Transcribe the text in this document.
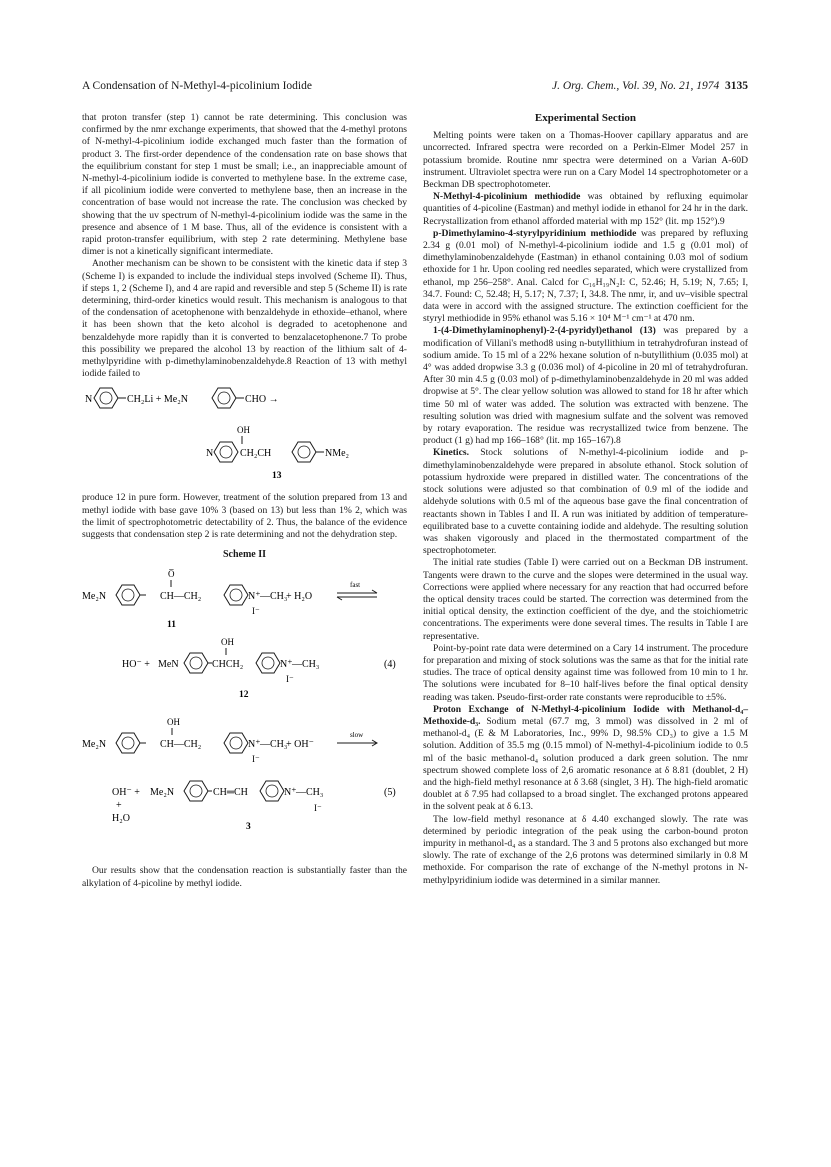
A Condensation of N-Methyl-4-picolinium Iodide	J. Org. Chem., Vol. 39, No. 21, 1974 3135

that proton transfer (step 1) cannot be rate determining. This conclusion was confirmed by the nmr exchange experiments, that showed that the 4-methyl protons of N-methyl-4-picolinium iodide exchanged much faster than the formation of product 3. The first-order dependence of the condensation rate on base shows that the equilibrium constant for step 1 must be small; i.e., an inappreciable amount of N-methyl-4-picolinium iodide is converted to methylene base. In the extreme case, if all picolinium iodide were converted to methylene base, then an increase in the concentration of base would not increase the rate. The conclusion was checked by showing that the uv spectrum of N-methyl-4-picolinium iodide was the same in the presence and absence of 1 M base. Thus, all of the evidence is consistent with a rapid proton-transfer equilibrium, with step 2 rate determining. Methylene base dimer is not a kinetically significant intermediate.

Another mechanism can be shown to be consistent with the kinetic data if step 3 (Scheme I) is expanded to include the individual steps involved (Scheme II). Thus, if steps 1, 2 (Scheme I), and 4 are rapid and reversible and step 5 (Scheme II) is rate determining, third-order kinetics would result. This mechanism is analogous to that of the condensation of acetophenone with benzaldehyde in ethoxide–ethanol, where it has been shown that the keto alcohol is degraded to acetophenone and benzaldehyde more rapidly than it is converted to benzalacetophenone.7 To probe this possibility we prepared the alcohol 13 by reaction of the lithium salt of 4-methylpyridine with p-dimethylaminobenzaldehyde.8 Reaction of 13 with methyl iodide failed to

N	CH₂Li + Me₂N	CHO →
OH
N	CH₂CH	NMe₂
13

produce 12 in pure form. However, treatment of the solution prepared from 13 and methyl iodide with base gave 10% 3 (based on 13) but less than 1% 2, which was the limit of spectrophotometric detectability of 2. Thus, the balance of the evidence suggests that condensation step 2 is rate determining and not the dehydration step.

Scheme II
O̅
Me₂N	CH—CH₂	N⁺ —CH₃
I⁻
+ H₂O
fast
11
OH
HO⁻ + MeN	CHCH₂	N⁺ —CH₃
I⁻
(4)
12
OH
Me₂N	CH—CH₂	N⁺ —CH₃
I⁻
+ OH⁻
slow
OH⁻ +
+
H₂O
Me₂N	CH═CH	N⁺ —CH₃
I⁻
(5)
3

Our results show that the condensation reaction is substantially faster than the alkylation of 4-picoline by methyl iodide.

Experimental Section

Melting points were taken on a Thomas-Hoover capillary apparatus and are uncorrected. Infrared spectra were recorded on a Perkin-Elmer Model 257 in potassium bromide. Routine nmr spectra were determined on a Varian A-60D instrument. Ultraviolet spectra were run on a Cary Model 14 spectrophotometer or a Beckman DB spectrophotometer.

N-Methyl-4-picolinium methiodide was obtained by refluxing equimolar quantities of 4-picoline (Eastman) and methyl iodide in ethanol for 24 hr in the dark. Recrystallization from ethanol afforded material with mp 152° (lit. mp 152°).9

p-Dimethylamino-4-styrylpyridinium methiodide was prepared by refluxing 2.34 g (0.01 mol) of N-methyl-4-picolinium iodide and 1.5 g (0.01 mol) of dimethylaminobenzaldehyde (Eastman) in ethanol containing 0.03 mol of sodium ethoxide for 1 hr. Upon cooling red needles separated, which were crystallized from ethanol, mp 256–258°. Anal. Calcd for C₁₆H₁₉N₂I: C, 52.46; H, 5.19; N, 7.65; I, 34.7. Found: C, 52.48; H, 5.17; N, 7.37; I, 34.8. The nmr, ir, and uv–visible spectral data were in accord with the assigned structure. The extinction coefficient for the styryl methiodide in 95% ethanol was 5.16 × 10⁴ M⁻¹ cm⁻¹ at 470 nm.

1-(4-Dimethylaminophenyl)-2-(4-pyridyl)ethanol (13) was prepared by a modification of Villani's method8 using n-butyllithium in tetrahydrofuran instead of sodium amide. To 15 ml of a 22% hexane solution of n-butyllithium (0.035 mol) at 4° was added dropwise 3.3 g (0.036 mol) of 4-picoline in 20 ml of tetrahydrofuran. After 30 min 4.5 g (0.03 mol) of p-dimethylaminobenzaldehyde in 20 ml was added dropwise at 5°. The clear yellow solution was allowed to stand for 18 hr after which time 50 ml of water was added. The solution was extracted with benzene. The resulting solution was dried with magnesium sulfate and the solvent was removed by rotary evaporation. The residue was recrystallized twice from benzene. The product (1 g) had mp 166–168° (lit. mp 165–167).8

Kinetics. Stock solutions of N-methyl-4-picolinium iodide and p-dimethylaminobenzaldehyde were prepared in absolute ethanol. Stock solution of potassium hydroxide were prepared in distilled water. The concentrations of the stock solutions were adjusted so that combination of 0.9 ml of the iodide and aldehyde solutions with 0.5 ml of the aqueous base gave the final concentration of reactants shown in Tables I and II. A run was initiated by addition of temperature-equilibrated base to a cuvette containing iodide and aldehyde. The resulting solution was shaken vigorously and placed in the thermostated compartment of the spectrophotometer.

The initial rate studies (Table I) were carried out on a Beckman DB instrument. Tangents were drawn to the curve and the slopes were determined in the usual way. Corrections were applied where necessary for any reaction that had occurred before the optical density traces could be started. The correction was determined from the initial optical density, the extinction coefficient of the dye, and the stoichiometric concentrations. The experiments were done several times. The results in Table I are representative.

Point-by-point rate data were determined on a Cary 14 instrument. The procedure for preparation and mixing of stock solutions was the same as that for the initial rate studies. The trace of optical density against time was followed from 10 min to 1 hr. The solutions were incubated for 8–10 half-lives before the final optical density reading was taken. Pseudo-first-order rate constants were reproducible to ±5%.

Proton Exchange of N-Methyl-4-picolinium Iodide with Methanol-d₄–Methoxide-d₃. Sodium metal (67.7 mg, 3 mmol) was dissolved in 2 ml of methanol-d₄ (E & M Laboratories, Inc., 99% D, 98.5% CD₃) to give a 1.5 M solution. Addition of 35.5 mg (0.15 mmol) of N-methyl-4-picolinium iodide to 0.5 ml of the basic methanol-d₄ solution produced a dark green solution. The nmr spectrum showed complete loss of 2,6 aromatic resonance at δ 8.81 (doublet, 2 H) and the high-field methyl resonance at δ 3.68 (singlet, 3 H). The high-field aromatic doublet at δ 7.95 had collapsed to a broad singlet. The exchanged protons appeared in the solvent peak at δ 6.13.

The low-field methyl resonance at δ 4.40 exchanged slowly. The rate was determined by periodic integration of the peak using the carbon-bound proton impurity in methanol-d₄ as a standard. The 3 and 5 protons also exchanged but more slowly. The rate of exchange of the 2,6 protons was determined similarly in 0.8 M methoxide. For comparison the rate of exchange of the N-methyl protons in N-methylpyridinium iodide was determined in a similar manner.
